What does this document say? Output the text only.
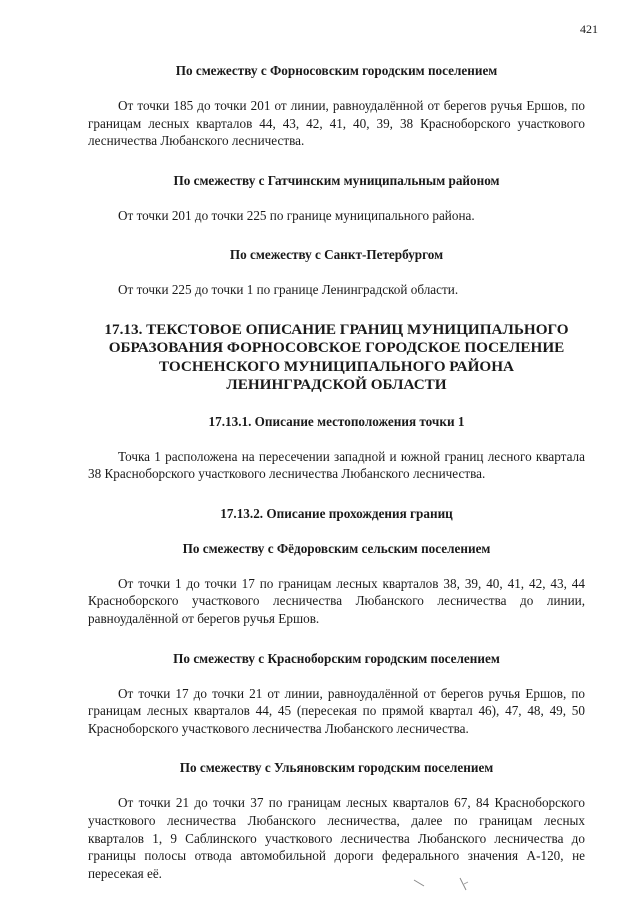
421

По смежеству с Форносовским городским поселением

От точки 185 до точки 201 от линии, равноудалённой от берегов ручья Ершов, по границам лесных кварталов 44, 43, 42, 41, 40, 39, 38 Красноборского участкового лесничества Любанского лесничества.

По смежеству с Гатчинским муниципальным районом

От точки 201 до точки 225 по границе муниципального района.

По смежеству с Санкт-Петербургом

От точки 225 до точки 1 по границе Ленинградской области.

17.13. ТЕКСТОВОЕ ОПИСАНИЕ ГРАНИЦ МУНИЦИПАЛЬНОГО

ОБРАЗОВАНИЯ ФОРНОСОВСКОЕ ГОРОДСКОЕ ПОСЕЛЕНИЕ

ТОСНЕНСКОГО МУНИЦИПАЛЬНОГО РАЙОНА

ЛЕНИНГРАДСКОЙ ОБЛАСТИ

17.13.1. Описание местоположения точки 1

Точка 1 расположена на пересечении западной и южной границ лесного квартала 38 Красноборского участкового лесничества Любанского лесничества.

17.13.2. Описание прохождения границ

По смежеству с Фёдоровским сельским поселением

От точки 1 до точки 17 по границам лесных кварталов 38, 39, 40, 41, 42, 43, 44 Красноборского участкового лесничества Любанского лесничества до линии, равноудалённой от берегов ручья Ершов.

По смежеству с Красноборским городским поселением

От точки 17 до точки 21 от линии, равноудалённой от берегов ручья Ершов, по границам лесных кварталов 44, 45 (пересекая по прямой квартал 46), 47, 48, 49, 50 Красноборского участкового лесничества Любанского лесничества.

По смежеству с Ульяновским городским поселением

От точки 21 до точки 37 по границам лесных кварталов 67, 84 Красноборского участкового лесничества Любанского лесничества, далее по границам лесных кварталов 1, 9 Саблинского участкового лесничества Любанского лесничества до границы полосы отвода автомобильной дороги федерального значения А-120, не пересекая её.
